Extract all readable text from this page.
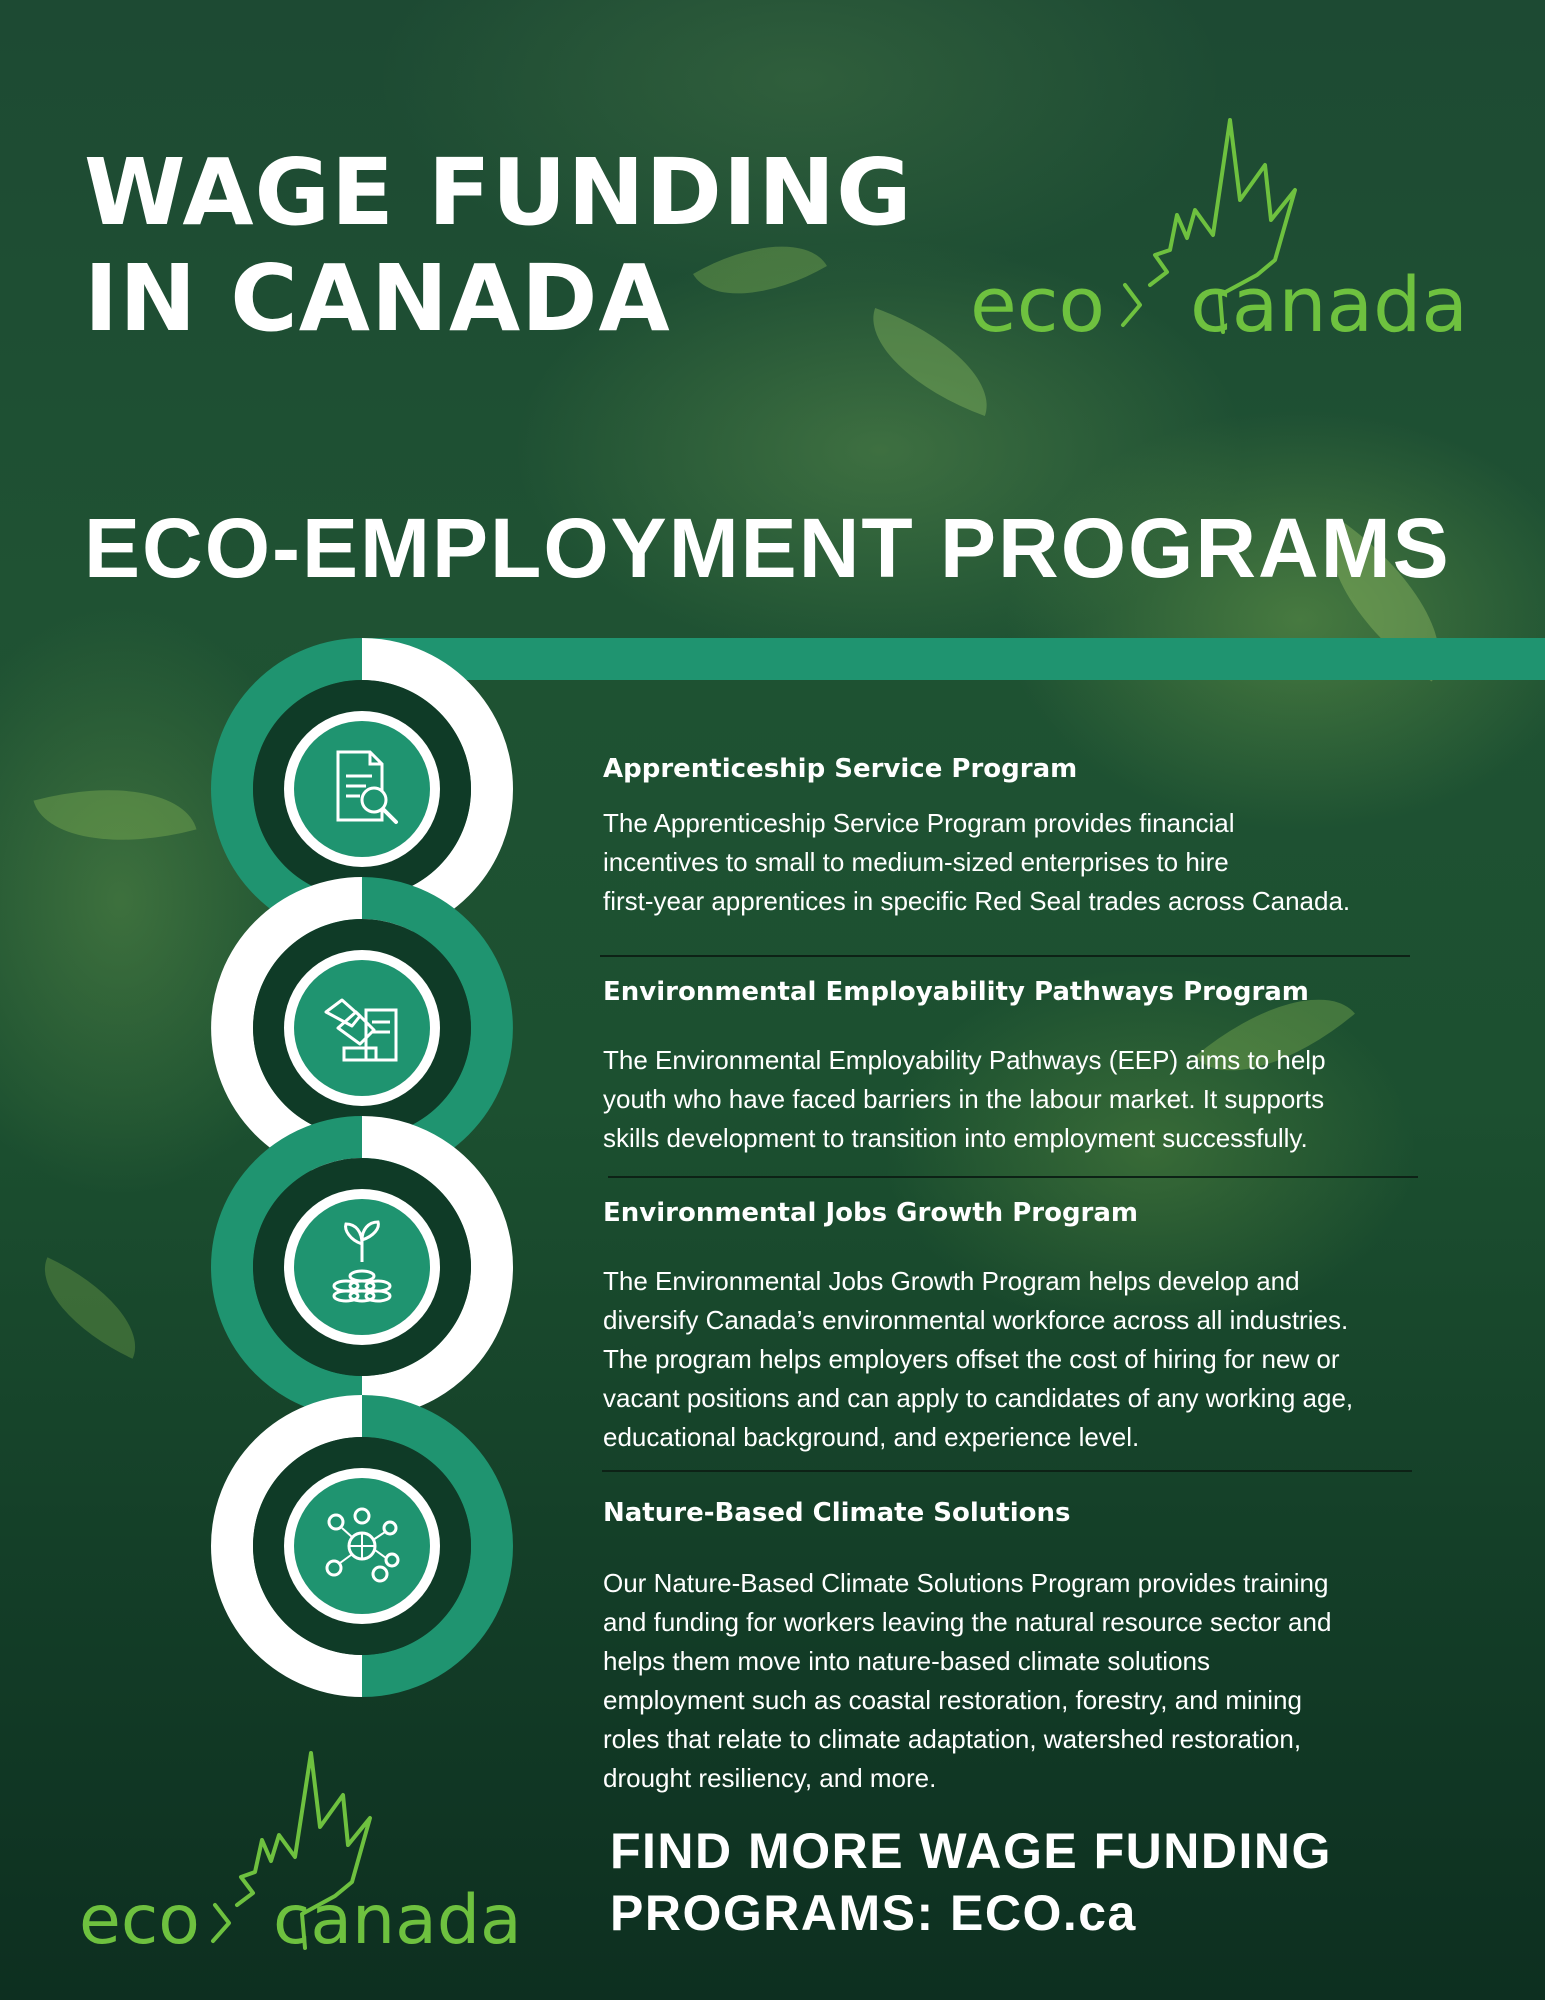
WAGE FUNDING
IN CANADA	eco canada
ECO-EMPLOYMENT PROGRAMS
Apprenticeship Service Program

The Apprenticeship Service Program provides financial
incentives to small to medium-sized enterprises to hire
first-year apprentices in specific Red Seal trades across Canada.

Environmental Employability Pathways Program

The Environmental Employability Pathways (EEP) aims to help
youth who have faced barriers in the labour market. It supports
skills development to transition into employment successfully.

Environmental Jobs Growth Program

The Environmental Jobs Growth Program helps develop and
diversify Canada’s environmental workforce across all industries.
The program helps employers offset the cost of hiring for new or
vacant positions and can apply to candidates of any working age,
educational background, and experience level.

Nature-Based Climate Solutions

Our Nature-Based Climate Solutions Program provides training
and funding for workers leaving the natural resource sector and
helps them move into nature-based climate solutions
employment such as coastal restoration, forestry, and mining
roles that relate to climate adaptation, watershed restoration,
drought resiliency, and more.

eco canada
FIND MORE WAGE FUNDING
PROGRAMS: ECO.ca
